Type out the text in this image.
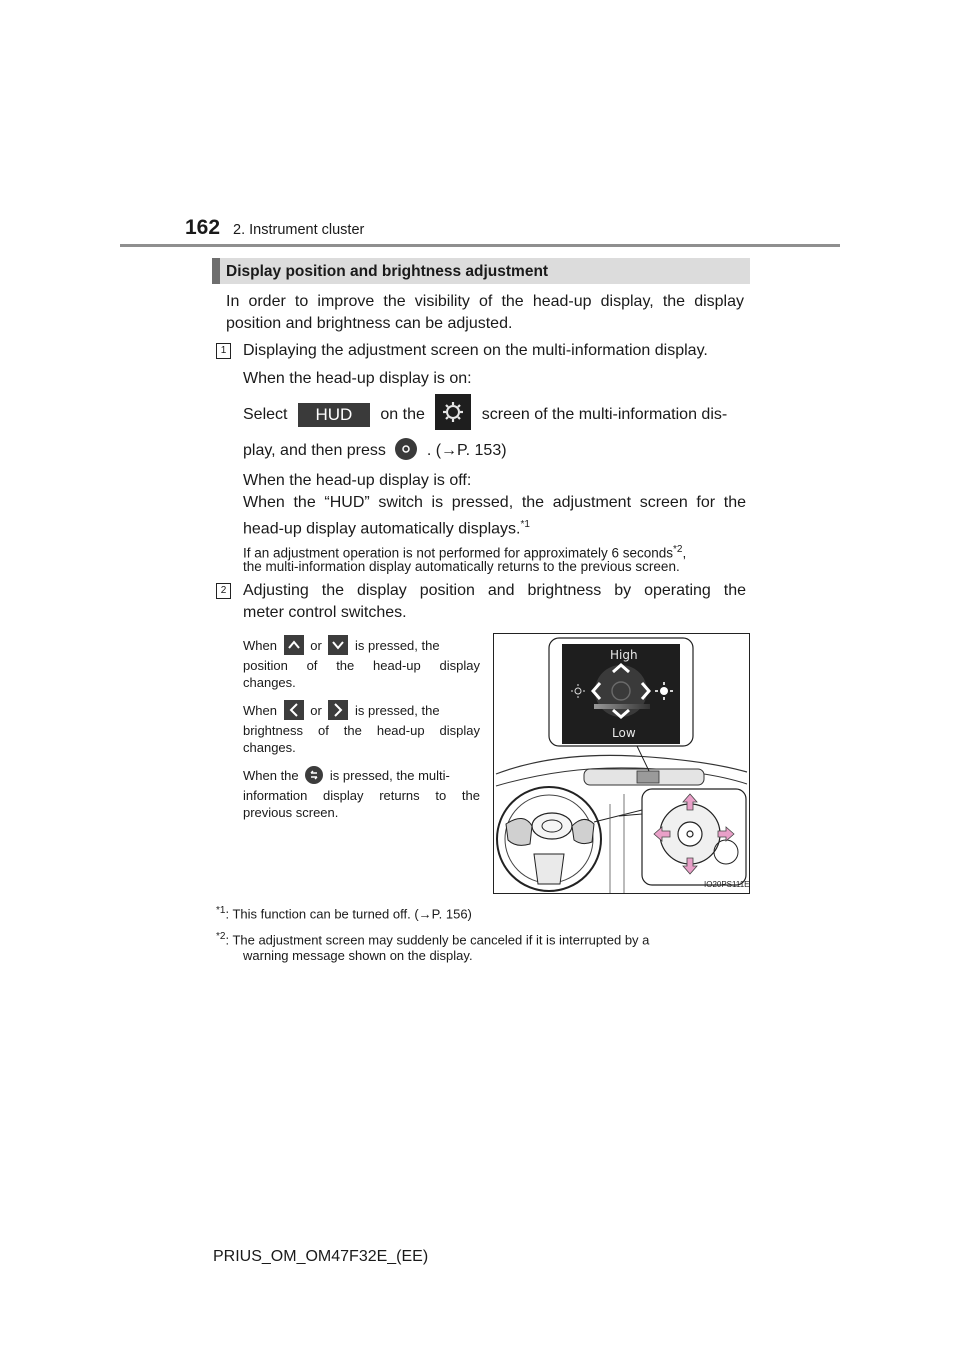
162 2. Instrument cluster
Display position and brightness adjustment
In order to improve the visibility of the head-up display, the display
position and brightness can be adjusted.
1 Displaying the adjustment screen on the multi-information display.
When the head-up display is on:
Select HUD on the	screen of the multi-information dis-
play, and then press	. (→P. 153)
When the head-up display is off:
When the “HUD” switch is pressed, the adjustment screen for the
head-up display automatically displays.$^{*1}$
If an adjustment operation is not performed for approximately 6 seconds$^{*2}$,
the multi-information display automatically returns to the previous screen.
2 Adjusting the display position and brightness by operating the
meter control switches.
When	or	is pressed, the
position of the head-up display
changes.
When	or	is pressed, the
brightness of the head-up display
changes.
When the is pressed, the multi-
information display returns to the
previous screen.
High
Low
IO20PS111E
$^{*1}$: This function can be turned off. (→P. 156)
$^{*2}$: The adjustment screen may suddenly be canceled if it is interrupted by a
warning message shown on the display.
PRIUS_OM_OM47F32E_(EE)
